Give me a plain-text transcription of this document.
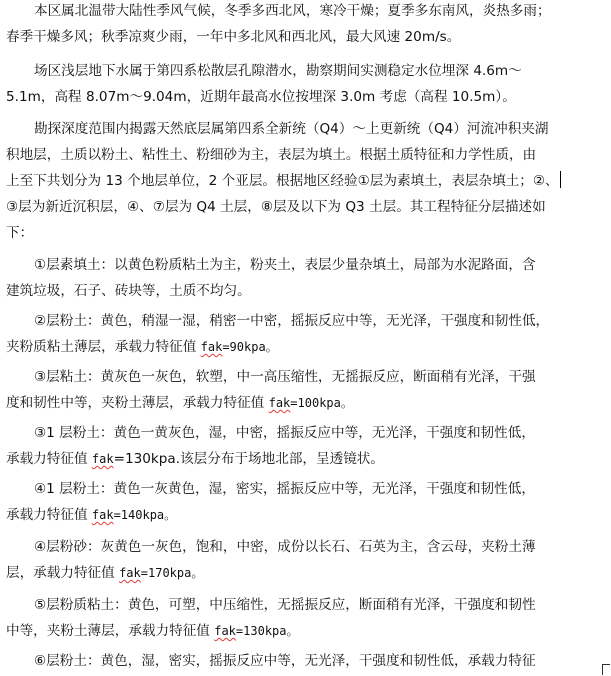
本区属北温带大陆性季风气候，冬季多西北风，寒冷干燥；夏季多东南风，炎热多雨；
春季干燥多风；秋季凉爽少雨，一年中多北风和西北风，最大风速 20m/s。
场区浅层地下水属于第四系松散层孔隙潜水，勘察期间实测稳定水位埋深 4.6m～
5.1m，高程 8.07m～9.04m，近期年最高水位按埋深 3.0m 考虑（高程 10.5m）。
勘探深度范围内揭露天然底层属第四系全新统（Q4）～上更新统（Q4）河流冲积夹湖
积地层，土质以粉土、粘性土、粉细砂为主，表层为填土。根据土质特征和力学性质，由
上至下共划分为 13 个地层单位，2 个亚层。根据地区经验①层为素填土，表层杂填土；②、
③层为新近沉积层，④、⑦层为 Q4 土层，⑧层及以下为 Q3 土层。其工程特征分层描述如
下：
①层素填土：以黄色粉质粘土为主，粉夹土，表层少量杂填土，局部为水泥路面，含
建筑垃圾，石子、砖块等，土质不均匀。
②层粉土：黄色，稍湿一湿，稍密一中密，摇振反应中等，无光泽，干强度和韧性低，
夹粉质粘土薄层，承载力特征值 fak=90kpa。
③层粘土：黄灰色一灰色，软塑，中一高压缩性，无摇振反应，断面稍有光泽，干强
度和韧性中等，夹粉土薄层，承载力特征值 fak=100kpa。
③1 层粉土：黄色一黄灰色，湿，中密，摇振反应中等，无光泽，干强度和韧性低，
承载力特征值 fak=130kpa.该层分布于场地北部，呈透镜状。
④1 层粉土：黄色一灰黄色，湿，密实，摇振反应中等，无光泽，干强度和韧性低，
承载力特征值 fak=140kpa。
④层粉砂：灰黄色一灰色，饱和，中密，成份以长石、石英为主，含云母，夹粉土薄
层，承载力特征值 fak=170kpa。
⑤层粉质粘土：黄色，可塑，中压缩性，无摇振反应，断面稍有光泽，干强度和韧性
中等，夹粉土薄层，承载力特征值 fak=130kpa。
⑥层粉土：黄色，湿，密实，摇振反应中等，无光泽，干强度和韧性低，承载力特征
